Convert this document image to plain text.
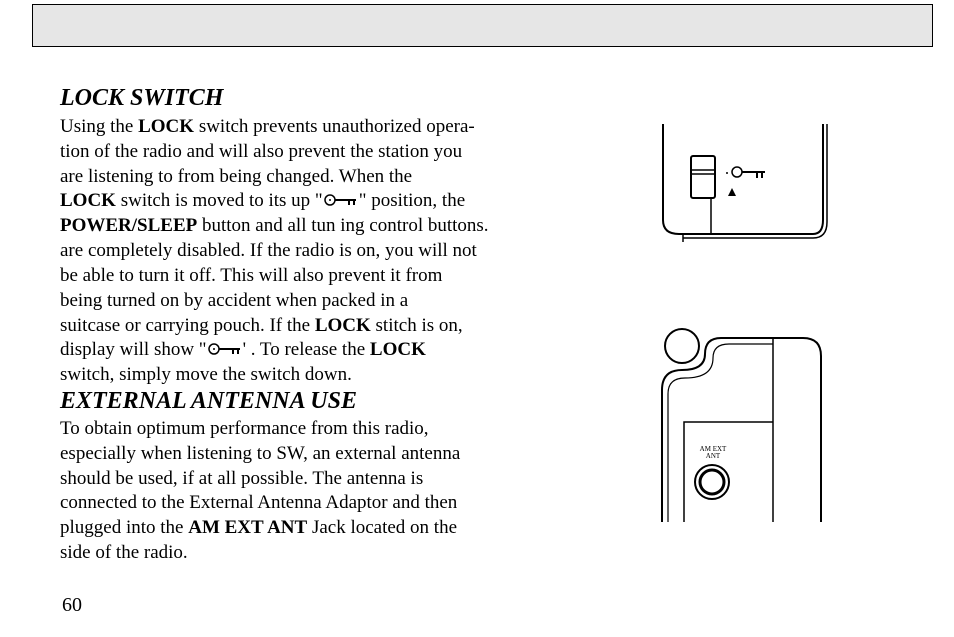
LOCK SWITCH
Using the LOCK switch prevents unauthorized opera-
tion of the radio and will also prevent the station you
are listening to from being changed. When the
LOCK switch is moved to its up " " position, the
POWER/SLEEP button and all tun ing control buttons.
are completely disabled. If the radio is on, you will not
be able to turn it off. This will also prevent it from
being turned on by accident when packed in a
suitcase or carrying pouch. If the LOCK stitch is on,
display will show " ' . To release the LOCK
switch, simply move the switch down.
EXTERNAL ANTENNA USE
To obtain optimum performance from this radio,
especially when listening to SW, an external antenna
should be used, if at all possible. The antenna is
connected to the External Antenna Adaptor and then
plugged into the AM EXT ANT Jack located on the
side of the radio.
AM EXT
ANT
60
